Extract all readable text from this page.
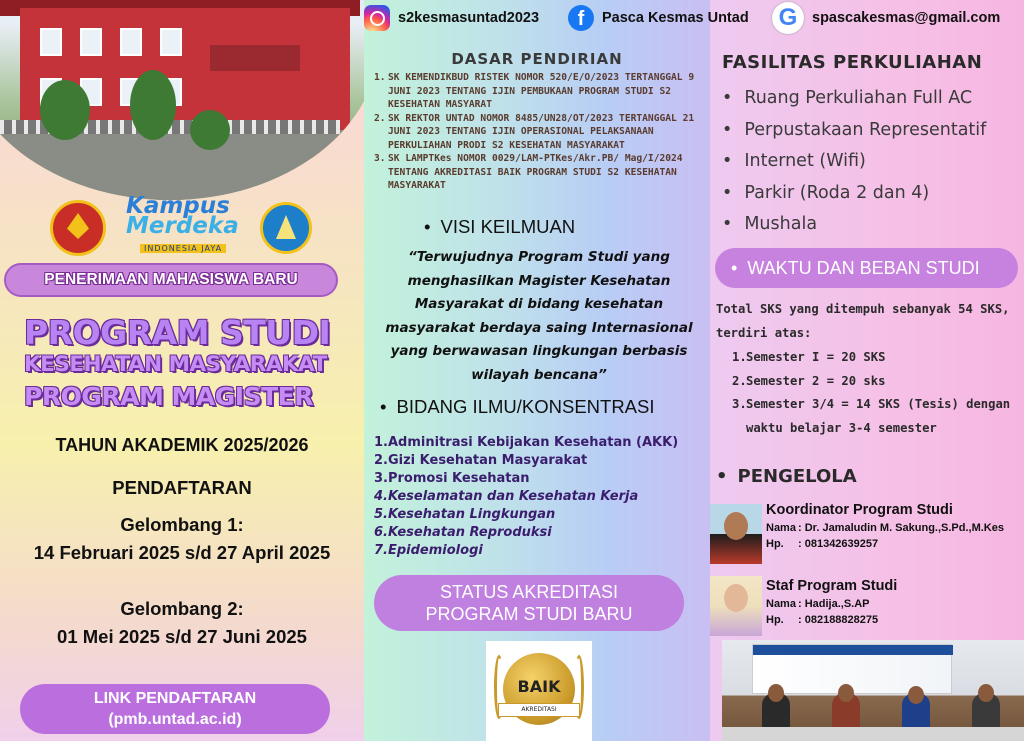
Kampus
Merdeka
INDONESIA JAYA
PENERIMAAN MAHASISWA BARU
PROGRAM STUDI
KESEHATAN MASYARAKAT
PROGRAM MAGISTER
TAHUN AKADEMIK 2025/2026
PENDAFTARAN
Gelombang 1:
14 Februari 2025 s/d 27 April 2025
Gelombang 2:
01 Mei 2025 s/d 27 Juni 2025
LINK PENDAFTARAN
(pmb.untad.ac.id)
s2kesmasuntad2023	f	Pasca Kesmas Untad G	spascakesmas@gmail.com
DASAR PENDIRIAN
1. SK KEMENDIKBUD RISTEK NOMOR 520/E/O/2023 TERTANGGAL 9 JUNI 2023 TENTANG IJIN PEMBUKAAN PROGRAM STUDI S2 KESEHATAN MASYARAT
2. SK REKTOR UNTAD NOMOR 8485/UN28/OT/2023 TERTANGGAL 21 JUNI 2023 TENTANG IJIN OPERASIONAL PELAKSANAAN PERKULIAHAN PRODI S2 KESEHATAN MASYARAKAT
3. SK LAMPTKes NOMOR 0029/LAM-PTKes/Akr.PB/ Mag/I/2024 TENTANG AKREDITASI BAIK PROGRAM STUDI S2 KESEHATAN MASYARAKAT
• VISI KEILMUAN
“Terwujudnya Program Studi yang menghasilkan Magister Kesehatan Masyarakat di bidang kesehatan masyarakat berdaya saing Internasional yang berwawasan lingkungan berbasis wilayah bencana”
• BIDANG ILMU/KONSENTRASI
1.Adminitrasi Kebijakan Kesehatan (AKK)
2.Gizi Kesehatan Masyarakat
3.Promosi Kesehatan
4.Keselamatan dan Kesehatan Kerja
5.Kesehatan Lingkungan
6.Kesehatan Reproduksi
7.Epidemiologi
STATUS AKREDITASI
PROGRAM STUDI BARU
BAIK
AKREDITASI
FASILITAS PERKULIAHAN
• Ruang Perkuliahan Full AC
• Perpustakaan Representatif
• Internet (Wifi)
• Parkir (Roda 2 dan 4)
• Mushala
• WAKTU DAN BEBAN STUDI
Total SKS yang ditempuh sebanyak 54 SKS, terdiri atas:
1. Semester I = 20 SKS
2. Semester 2 = 20 sks
3. Semester 3/4 = 14 SKS (Tesis) dengan waktu belajar 3-4 semester
• PENGELOLA
Koordinator Program Studi
Nama : Dr. Jamaludin M. Sakung.,S.Pd.,M.Kes
Hp. : 081342639257
Staf Program Studi
Nama : Hadija.,S.AP
Hp. : 082188828275
